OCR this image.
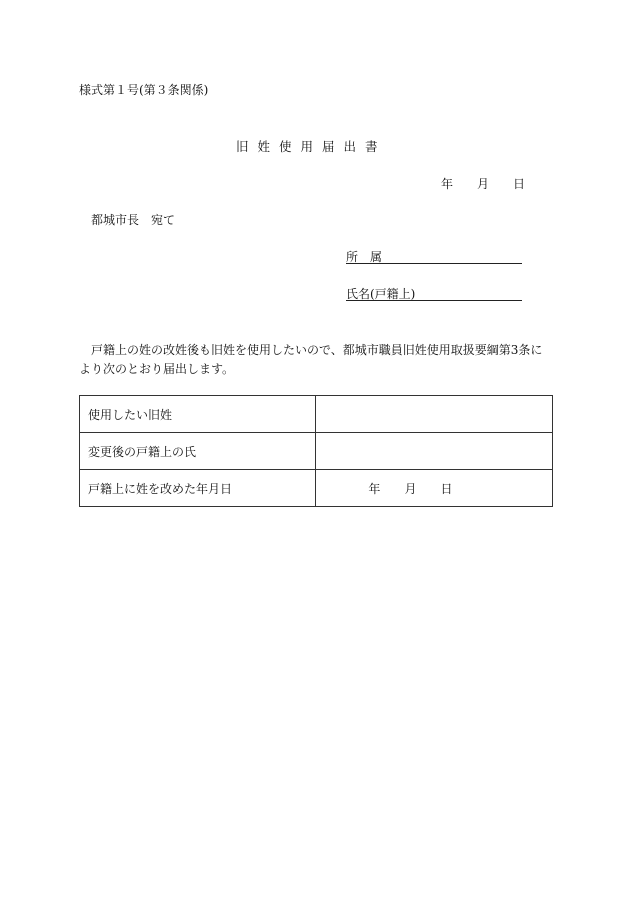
様式第１号(第３条関係)
旧姓使用届出書
年 月 日
都城市長　宛て
所　属
氏名(戸籍上)
戸籍上の姓の改姓後も旧姓を使用したいので、都城市職員旧姓使用取扱要綱第3条により次のとおり届出します。
使用したい旧姓	
変更後の戸籍上の氏	
戸籍上に姓を改めた年月日	年 月 日
